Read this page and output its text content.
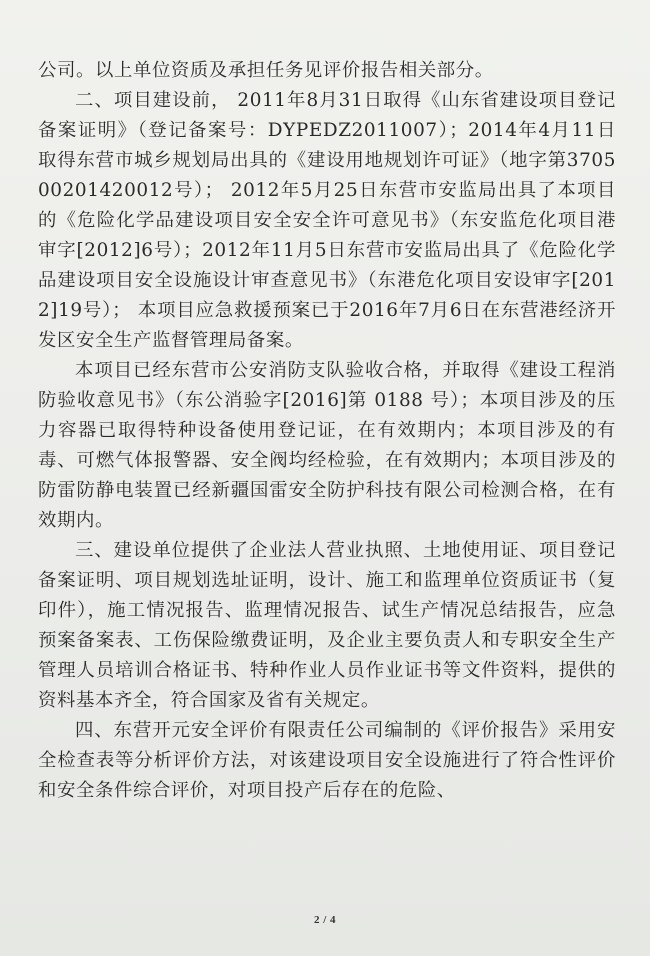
公司。以上单位资质及承担任务见评价报告相关部分。

二、项目建设前， 2011年8月31日取得《山东省建设项目登记备案证明》（登记备案号：DYPEDZ2011007）；2014年4月11日取得东营市城乡规划局出具的《建设用地规划许可证》（地字第370500201420012号）； 2012年5月25日东营市安监局出具了本项目的《危险化学品建设项目安全安全许可意见书》（东安监危化项目港审字[2012]6号）；2012年11月5日东营市安监局出具了《危险化学品建设项目安全设施设计审查意见书》（东港危化项目安设审字[2012]19号）； 本项目应急救援预案已于2016年7月6日在东营港经济开发区安全生产监督管理局备案。

本项目已经东营市公安消防支队验收合格，并取得《建设工程消防验收意见书》（东公消验字[2016]第 0188 号）；本项目涉及的压力容器已取得特种设备使用登记证，在有效期内；本项目涉及的有毒、可燃气体报警器、安全阀均经检验，在有效期内；本项目涉及的防雷防静电装置已经新疆国雷安全防护科技有限公司检测合格，在有效期内。

三、建设单位提供了企业法人营业执照、土地使用证、项目登记备案证明、项目规划选址证明，设计、施工和监理单位资质证书（复印件），施工情况报告、监理情况报告、试生产情况总结报告，应急预案备案表、工伤保险缴费证明，及企业主要负责人和专职安全生产管理人员培训合格证书、特种作业人员作业证书等文件资料，提供的资料基本齐全，符合国家及省有关规定。

四、东营开元安全评价有限责任公司编制的《评价报告》采用安全检查表等分析评价方法，对该建设项目安全设施进行了符合性评价和安全条件综合评价，对项目投产后存在的危险、

2 / 4
